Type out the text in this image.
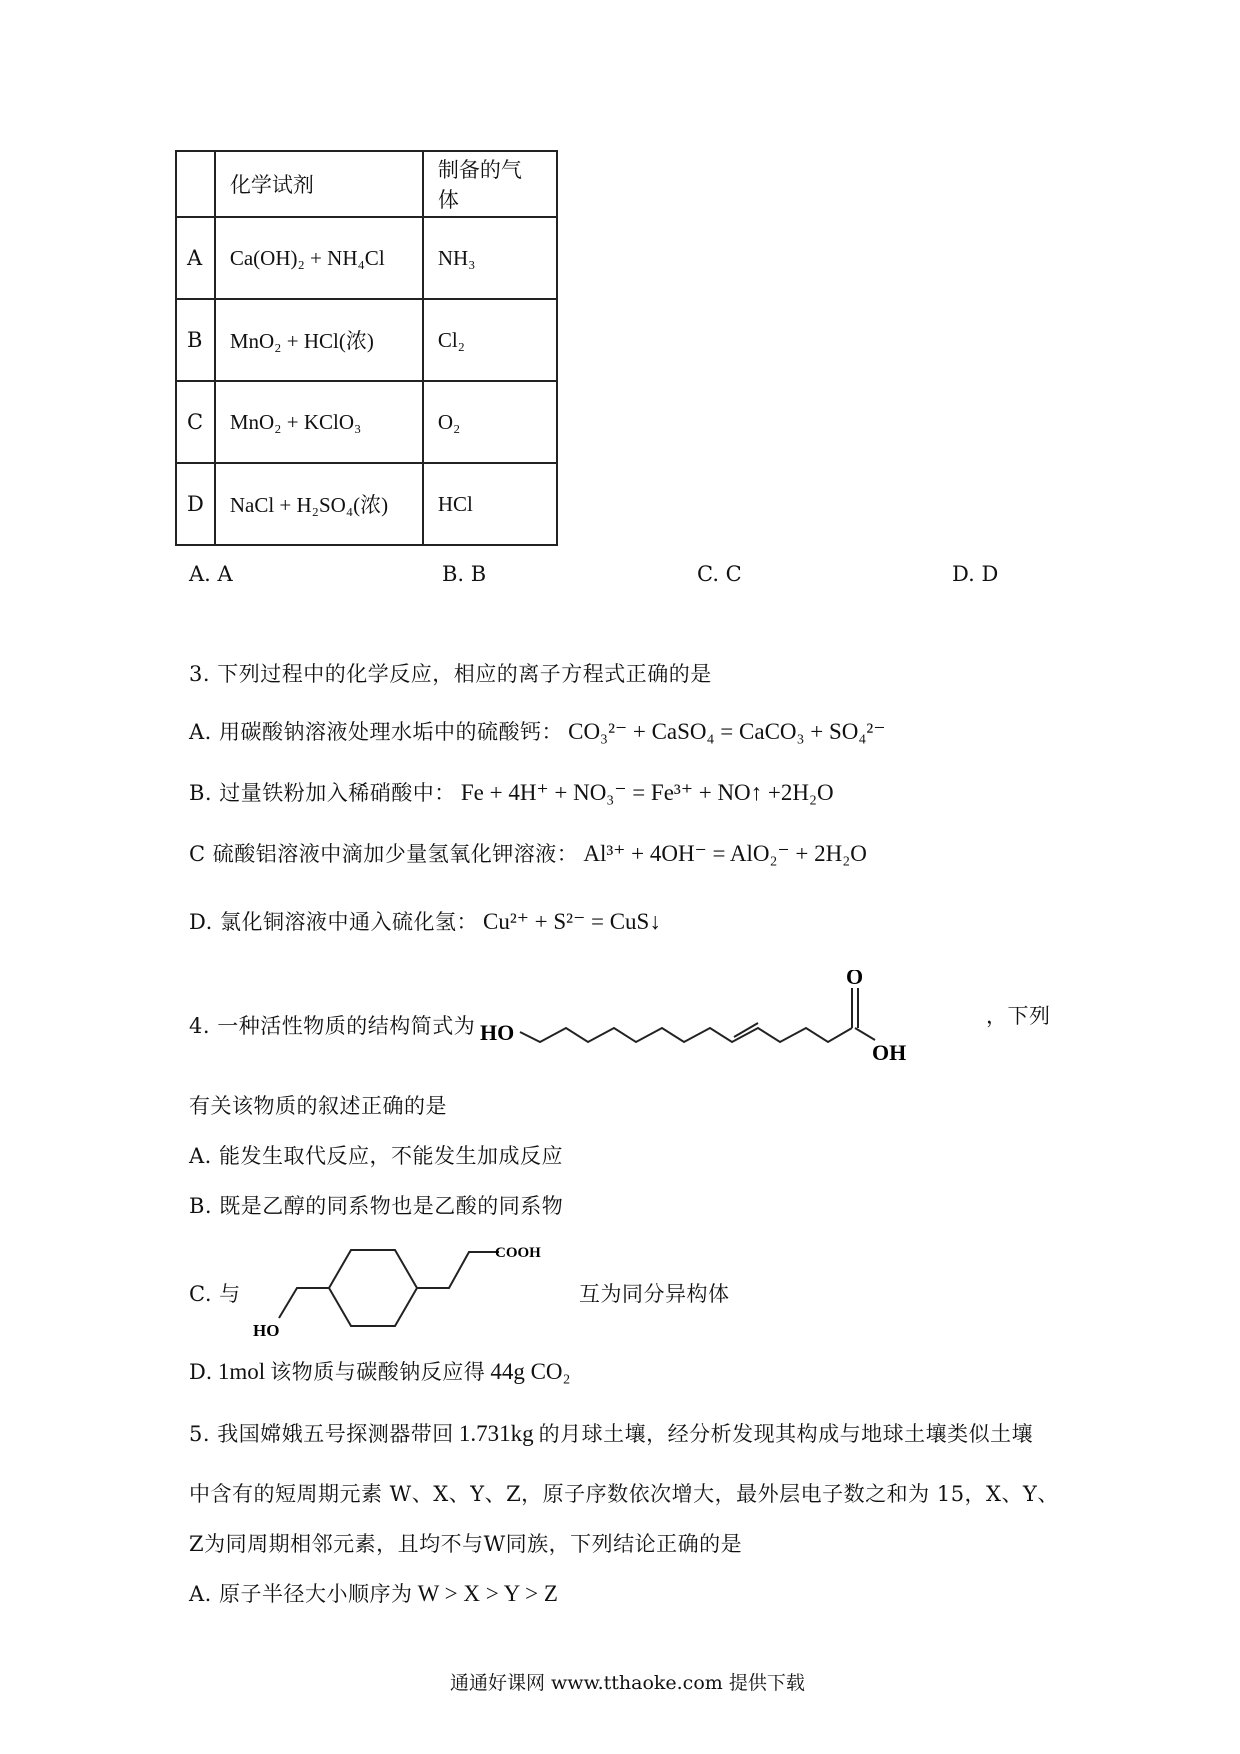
	化学试剂	制备的气体
A	Ca(OH)₂ + NH₄Cl	NH₃
B	MnO₂ + HCl(浓)	Cl₂
C	MnO₂ + KClO₃	O₂
D	NaCl + H₂SO₄(浓)	HCl
A. A	B. B	C. C	D. D
3. 下列过程中的化学反应，相应的离子方程式正确的是
A. 用碳酸钠溶液处理水垢中的硫酸钙： CO₃²⁻ + CaSO₄ = CaCO₃ + SO₄²⁻
B. 过量铁粉加入稀硝酸中： Fe + 4H⁺ + NO₃⁻ = Fe³⁺ + NO↑ +2H₂O
C 硫酸铝溶液中滴加少量氢氧化钾溶液： Al³⁺ + 4OH⁻ = AlO₂⁻ + 2H₂O
D. 氯化铜溶液中通入硫化氢： Cu²⁺ + S²⁻ = CuS↓
4. 一种活性物质的结构简式为 HO
O
OH
，下列
有关该物质的叙述正确的是
A. 能发生取代反应，不能发生加成反应
B. 既是乙醇的同系物也是乙酸的同系物
C. 与
COOH
HO
互为同分异构体
D. 1mol 该物质与碳酸钠反应得 44g CO₂
5. 我国嫦娥五号探测器带回 1.731kg 的月球土壤，经分析发现其构成与地球土壤类似土壤
中含有的短周期元素 W、X、Y、Z，原子序数依次增大，最外层电子数之和为 15，X、Y、
Z为同周期相邻元素，且均不与W同族，下列结论正确的是
A. 原子半径大小顺序为 W > X > Y > Z
通通好课网 www.tthaoke.com 提供下载
